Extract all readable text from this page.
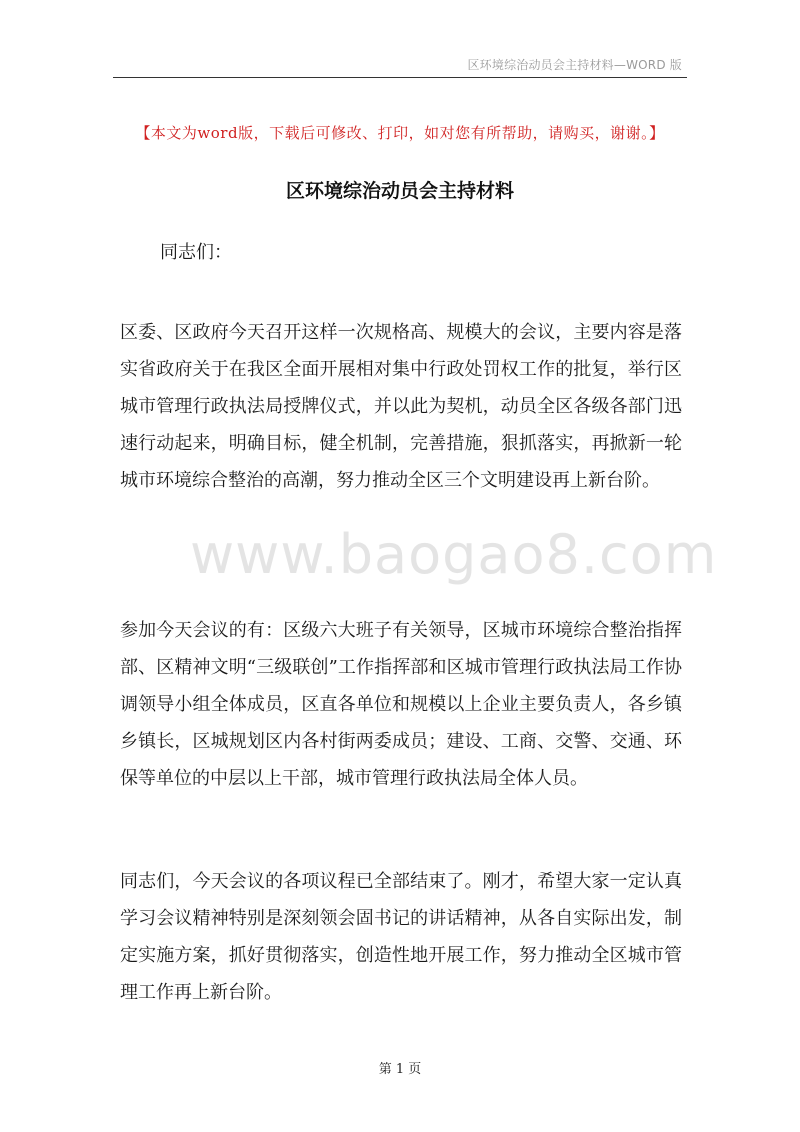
区环境综治动员会主持材料—WORD 版
【本文为word版，下载后可修改、打印，如对您有所帮助，请购买，谢谢。】
区环境综治动员会主持材料
同志们：

区委、区政府今天召开这样一次规格高、规模大的会议，主要内容是落实省政府关于在我区全面开展相对集中行政处罚权工作的批复，举行区城市管理行政执法局授牌仪式，并以此为契机，动员全区各级各部门迅速行动起来，明确目标，健全机制，完善措施，狠抓落实，再掀新一轮城市环境综合整治的高潮，努力推动全区三个文明建设再上新台阶。

参加今天会议的有：区级六大班子有关领导，区城市环境综合整治指挥部、区精神文明“三级联创”工作指挥部和区城市管理行政执法局工作协调领导小组全体成员，区直各单位和规模以上企业主要负责人，各乡镇乡镇长，区城规划区内各村街两委成员；建设、工商、交警、交通、环保等单位的中层以上干部，城市管理行政执法局全体人员。

同志们，今天会议的各项议程已全部结束了。刚才，希望大家一定认真学习会议精神特别是深刻领会固书记的讲话精神，从各自实际出发，制定实施方案，抓好贯彻落实，创造性地开展工作，努力推动全区城市管理工作再上新台阶。

www.baogao8.com
第 1 页
